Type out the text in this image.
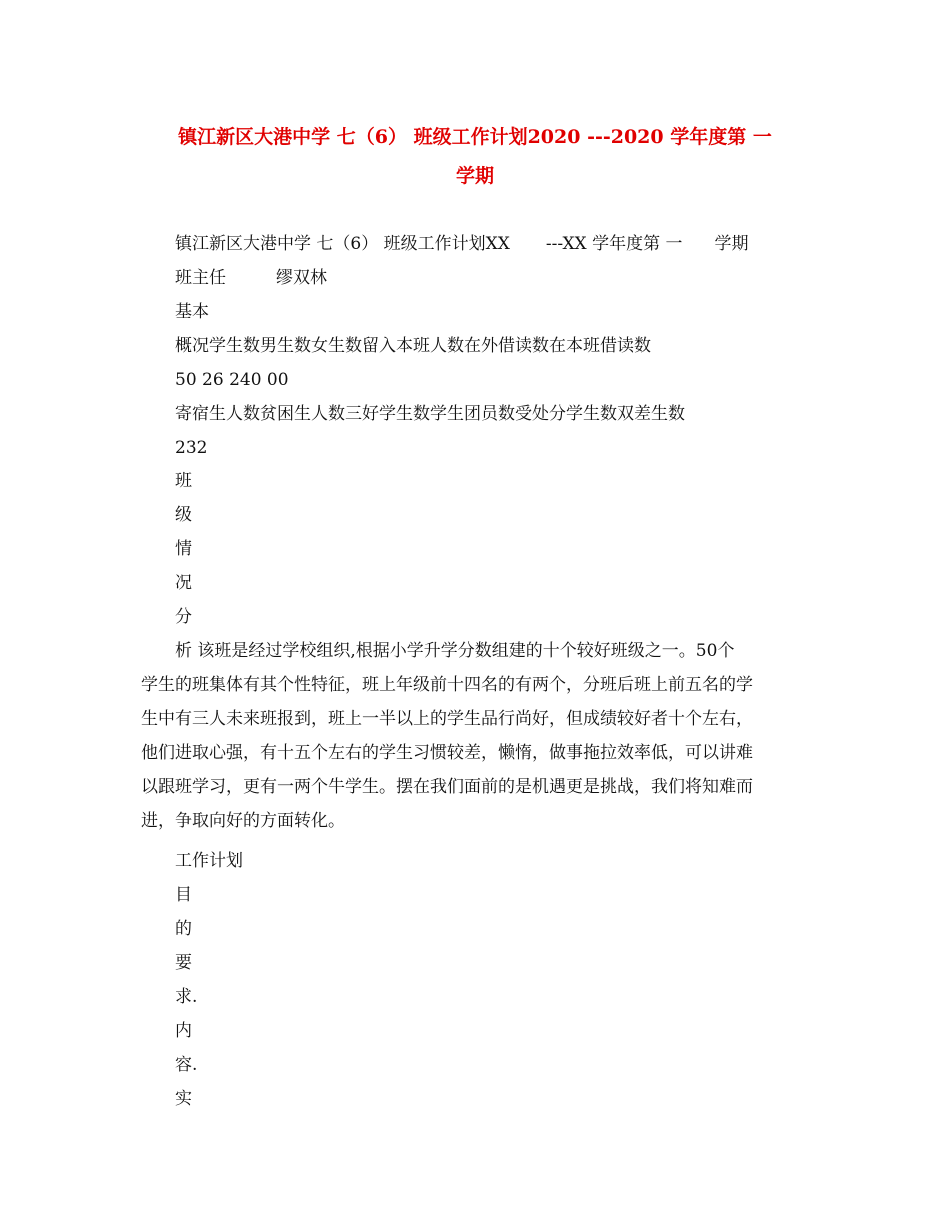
镇江新区大港中学 七（6） 班级工作计划2020 ---2020 学年度第 一
学期
镇江新区大港中学 七（6） 班级工作计划XX ---XX 学年度第 一 学期
班主任	缪双林
基本
概况学生数男生数女生数留入本班人数在外借读数在本班借读数
50 26 240 00
寄宿生人数贫困生人数三好学生数学生团员数受处分学生数双差生数
232
班
级
情
况
分
析 该班是经过学校组织,根据小学升学分数组建的十个较好班级之一。50个
学生的班集体有其个性特征，班上年级前十四名的有两个，分班后班上前五名的学
生中有三人未来班报到，班上一半以上的学生品行尚好，但成绩较好者十个左右，
他们进取心强，有十五个左右的学生习惯较差，懒惰，做事拖拉效率低，可以讲难
以跟班学习，更有一两个牛学生。摆在我们面前的是机遇更是挑战，我们将知难而
进，争取向好的方面转化。
工作计划
目
的
要
求.
内
容.
实
